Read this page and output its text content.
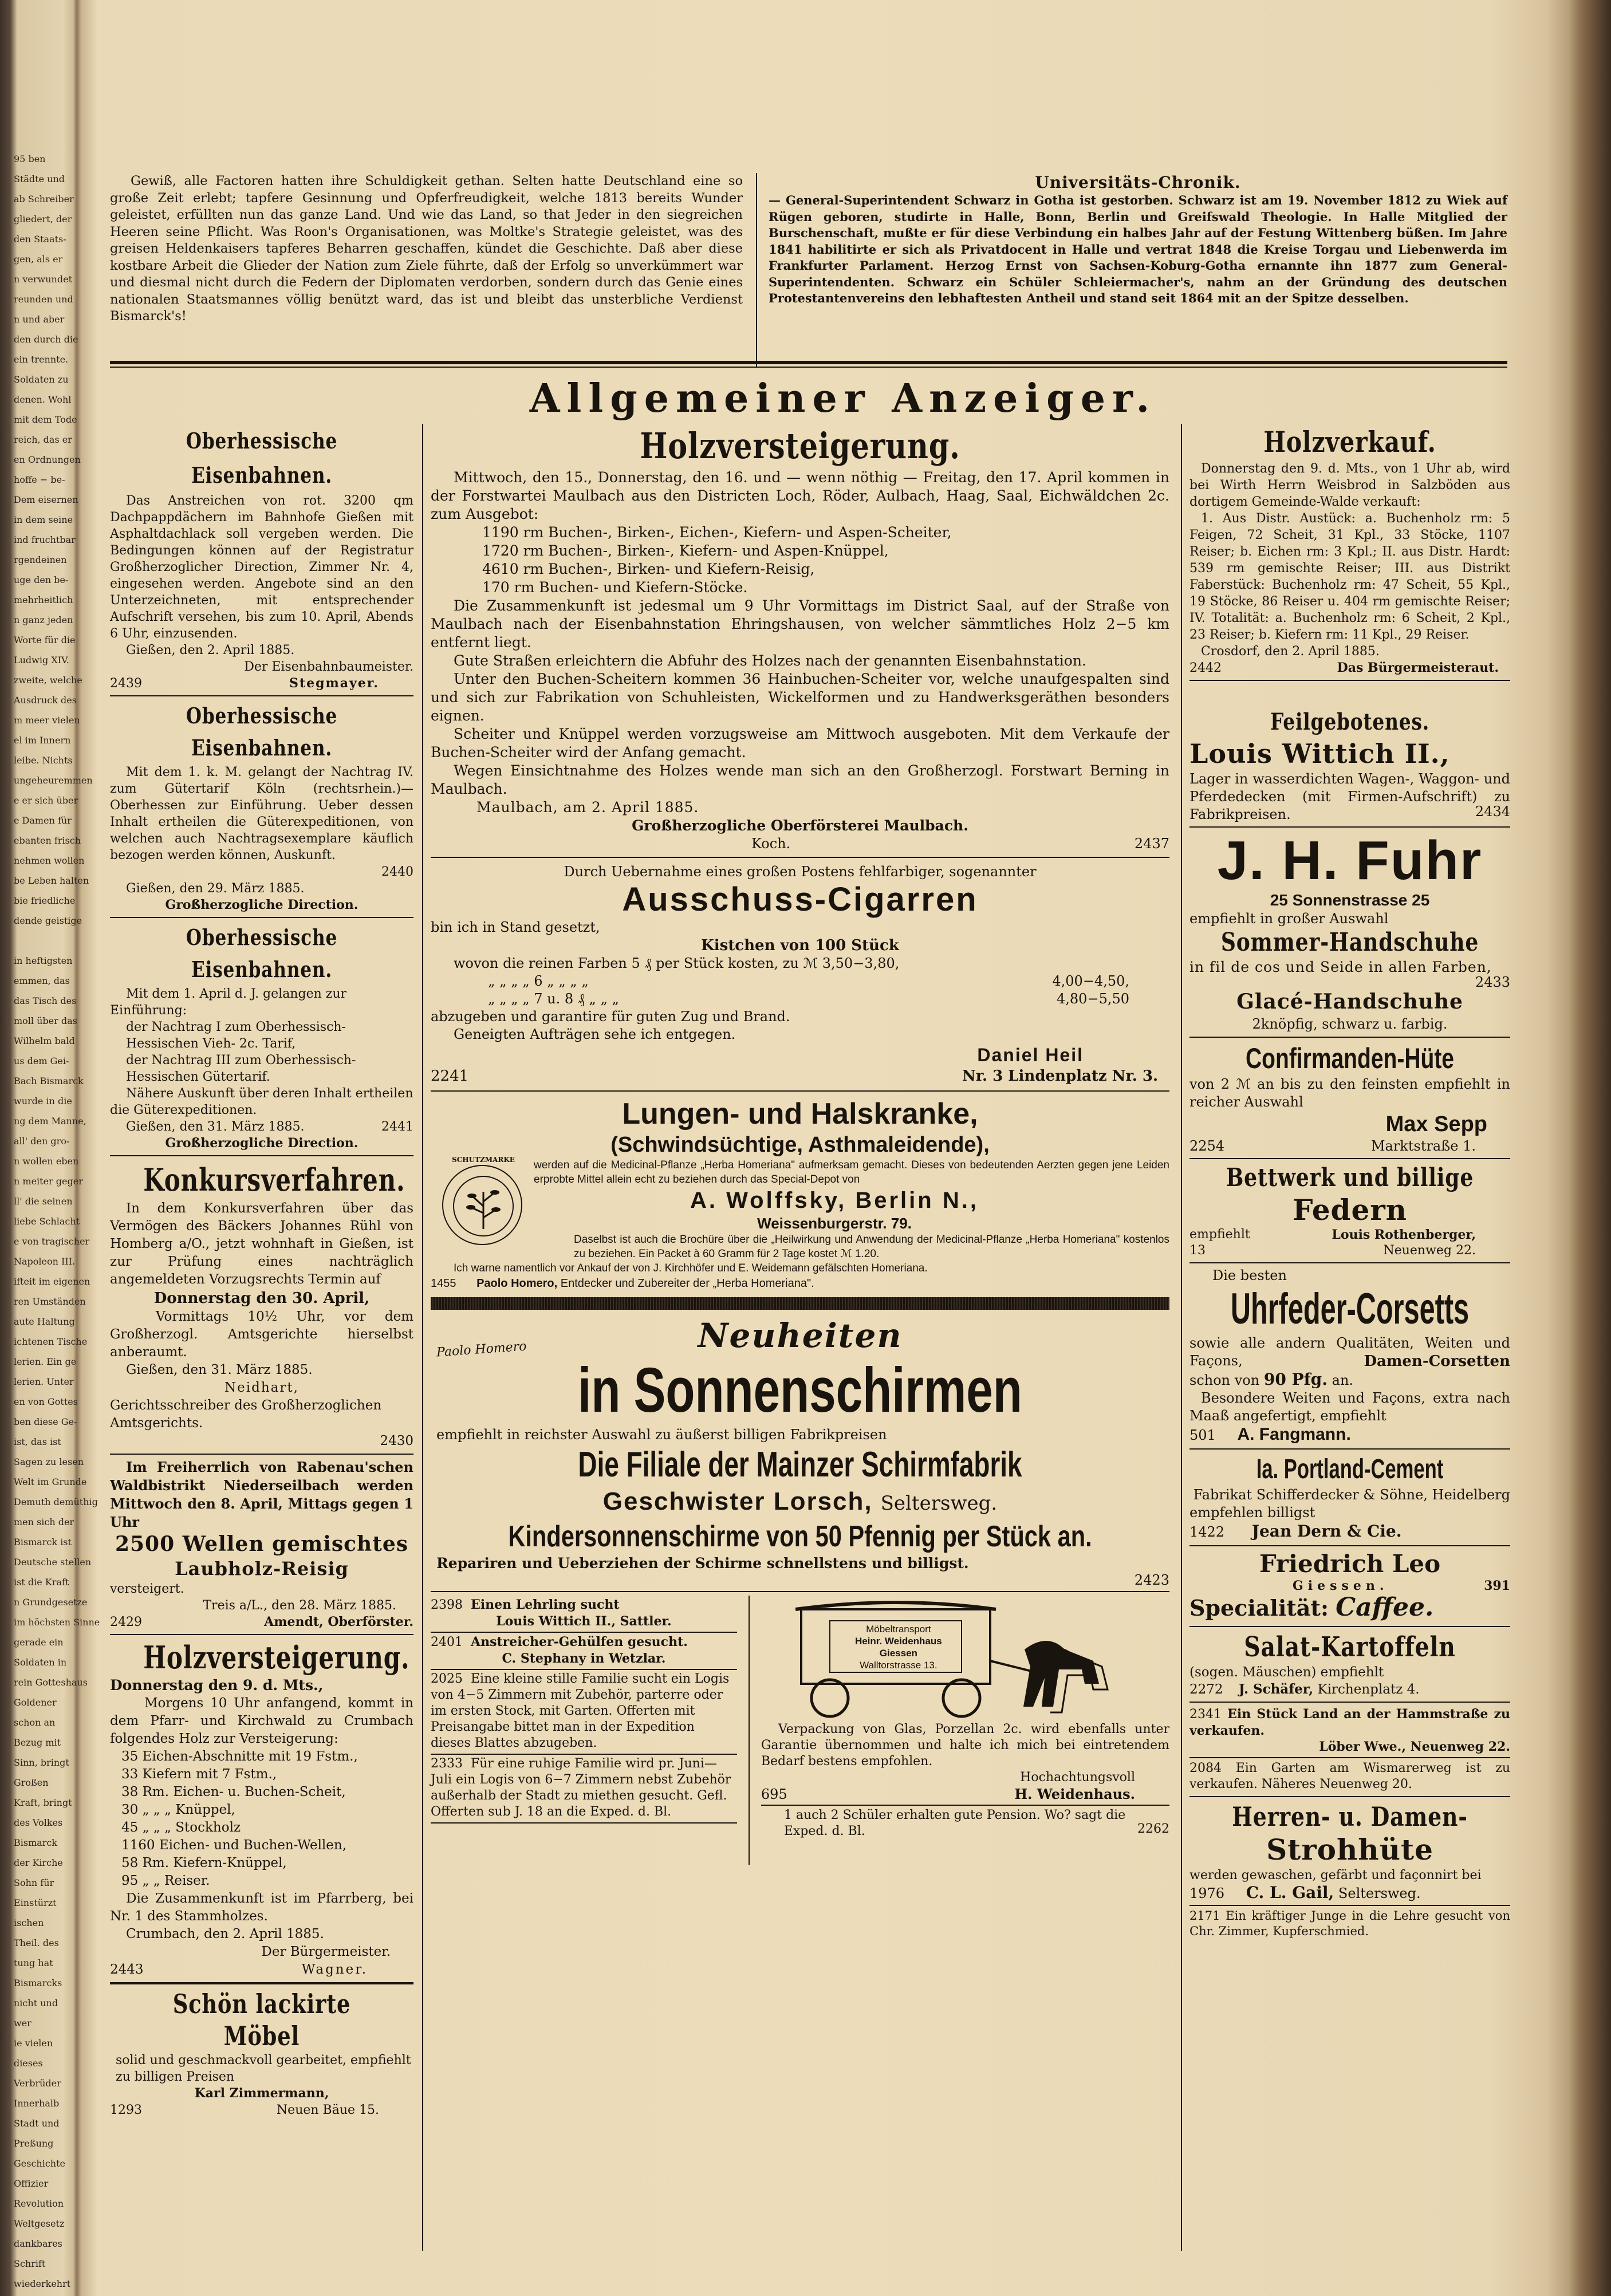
95 ben

Städte und

ab Schreiber

gliedert, der

den Staats-

gen, als er

n verwundet

reunden und

n und aber

den durch die

ein trennte.

Soldaten zu

denen. Wohl

mit dem Tode

reich, das er

en Ordnungen

hoffe − be-

Dem eisernen

in dem seine

ind fruchtbar

rgendeinen

uge den be-

mehrheitlich

n ganz jeden

Worte für die

Ludwig XIV.

zweite, welche

Ausdruck des

m meer vielen

el im Innern

leibe. Nichts

ungeheuremmen

e er sich über

e Damen für

ebanten frisch

nehmen wollen

be Leben halten

bie friedliche

dende geistige

in heftigsten

emmen, das

das Tisch des

moll über das

Wilhelm bald

us dem Gei-

Bach Bismarck

wurde in die

ng dem Manne,

all' den gro-

n wollen eben

n meiter geger

ll' die seinen

liebe Schlacht

e von tragischer

Napoleon III.

ifteit im eigenen

ren Umständen

aute Haltung

ichtenen Tische

lerien. Ein ge

lerien. Unter

en von Gottes

ben diese Ge-

ist, das ist

Sagen zu lesen

Welt im Grunde

Demuth demüthig

men sich der

Bismarck ist

Deutsche stellen

ist die Kraft

n Grundgesetze

im höchsten Sinne

gerade ein

Soldaten in

rein Gotteshaus

Goldener

schon an

Bezug mit

Sinn, bringt

Großen

Kraft, bringt

des Volkes

Bismarck

der Kirche

Sohn für

Einstürzt

ischen

Theil. des

tung hat

Bismarcks

nicht und

wer

ie vielen

dieses

Verbrüder

Innerhalb

Stadt und

Preßung

Geschichte

Offizier

Revolution

Weltgesetz

dankbares

Schrift

wiederkehrt

Gewiß, alle Factoren hatten ihre Schuldigkeit gethan. Selten hatte Deutschland eine so große Zeit erlebt; tapfere Gesinnung und Opferfreudigkeit, welche 1813 bereits Wunder geleistet, erfüllten nun das ganze Land. Und wie das Land, so that Jeder in den siegreichen Heeren seine Pflicht. Was Roon's Organisationen, was Moltke's Strategie geleistet, was des greisen Heldenkaisers tapferes Beharren geschaffen, kündet die Geschichte. Daß aber diese kostbare Arbeit die Glieder der Nation zum Ziele führte, daß der Erfolg so unverkümmert war und diesmal nicht durch die Federn der Diplomaten verdorben, sondern durch das Genie eines nationalen Staatsmannes völlig benützt ward, das ist und bleibt das unsterbliche Verdienst Bismarck's!
Universitäts-Chronik.
— General-Superintendent Schwarz in Gotha ist gestorben. Schwarz ist am 19. November 1812 zu Wiek auf Rügen geboren, studirte in Halle, Bonn, Berlin und Greifswald Theologie. In Halle Mitglied der Burschenschaft, mußte er für diese Verbindung ein halbes Jahr auf der Festung Wittenberg büßen. Im Jahre 1841 habilitirte er sich als Privatdocent in Halle und vertrat 1848 die Kreise Torgau und Liebenwerda im Frankfurter Parlament. Herzog Ernst von Sachsen-Koburg-Gotha ernannte ihn 1877 zum General-Superintendenten. Schwarz ein Schüler Schleiermacher's, nahm an der Gründung des deutschen Protestantenvereins den lebhaftesten Antheil und stand seit 1864 mit an der Spitze desselben.
Allgemeiner Anzeiger.
Oberhessische Eisenbahnen.
Das Anstreichen von rot. 3200 qm Dachpappdächern im Bahnhofe Gießen mit Asphaltdachlack soll vergeben werden. Die Bedingungen können auf der Registratur Großherzoglicher Direction, Zimmer Nr. 4, eingesehen werden. Angebote sind an den Unterzeichneten, mit entsprechender Aufschrift versehen, bis zum 10. April, Abends 6 Uhr, einzusenden.
Gießen, den 2. April 1885.
Der Eisenbahnbaumeister.
2439	Stegmayer.
Oberhessische Eisenbahnen.
Mit dem 1. k. M. gelangt der Nachtrag IV. zum Gütertarif Köln (rechtsrhein.)— Oberhessen zur Einführung. Ueber dessen Inhalt ertheilen die Güterexpeditionen, von welchen auch Nachtragsexemplare käuflich bezogen werden können, Auskunft.
2440
Gießen, den 29. März 1885.
Großherzogliche Direction.
Oberhessische Eisenbahnen.
Mit dem 1. April d. J. gelangen zur Einführung:
der Nachtrag I zum Oberhessisch-Hessischen Vieh- 2c. Tarif,
der Nachtrag III zum Oberhessisch-Hessischen Gütertarif.
Nähere Auskunft über deren Inhalt ertheilen die Güterexpeditionen.
Gießen, den 31. März 1885.	2441
Großherzogliche Direction.
Konkursverfahren.
In dem Konkursverfahren über das Vermögen des Bäckers Johannes Rühl von Homberg a/O., jetzt wohnhaft in Gießen, ist zur Prüfung eines nachträglich angemeldeten Vorzugsrechts Termin auf
Donnerstag den 30. April,
Vormittags 10½ Uhr, vor dem Großherzogl. Amtsgerichte hierselbst anberaumt.
Gießen, den 31. März 1885.
Neidhart,
Gerichtsschreiber des Großherzoglichen Amtsgerichts.
2430
Im Freiherrlich von Rabenau'schen Waldbistrikt Niederseilbach werden Mittwoch den 8. April, Mittags gegen 1 Uhr
2500 Wellen gemischtes
Laubholz-Reisig
versteigert.
Treis a/L., den 28. März 1885.
2429	Amendt, Oberförster.
Holzversteigerung.
Donnerstag den 9. d. Mts.,
Morgens 10 Uhr anfangend, kommt in dem Pfarr- und Kirchwald zu Crumbach folgendes Holz zur Versteigerung:
35 Eichen-Abschnitte mit 19 Fstm.,
33 Kiefern mit 7 Fstm.,
38 Rm. Eichen- u. Buchen-Scheit,
30 „ „ „ Knüppel,
45 „ „ „ Stockholz
1160 Eichen- und Buchen-Wellen,
58 Rm. Kiefern-Knüppel,
95 „ „ Reiser.
Die Zusammenkunft ist im Pfarrberg, bei Nr. 1 des Stammholzes.
Crumbach, den 2. April 1885.
Der Bürgermeister.
2443	Wagner.
Schön lackirte Möbel
solid und geschmackvoll gearbeitet, empfiehlt zu billigen Preisen
Karl Zimmermann,
1293	Neuen Bäue 15.
Holzversteigerung.
Mittwoch, den 15., Donnerstag, den 16. und — wenn nöthig — Freitag, den 17. April kommen in der Forstwartei Maulbach aus den Districten Loch, Röder, Aulbach, Haag, Saal, Eichwäldchen 2c. zum Ausgebot:
1190 rm Buchen-, Birken-, Eichen-, Kiefern- und Aspen-Scheiter,
1720 rm Buchen-, Birken-, Kiefern- und Aspen-Knüppel,
4610 rm Buchen-, Birken- und Kiefern-Reisig,
170 rm Buchen- und Kiefern-Stöcke.
Die Zusammenkunft ist jedesmal um 9 Uhr Vormittags im District Saal, auf der Straße von Maulbach nach der Eisenbahnstation Ehringshausen, von welcher sämmtliches Holz 2−5 km entfernt liegt.
Gute Straßen erleichtern die Abfuhr des Holzes nach der genannten Eisenbahnstation.
Unter den Buchen-Scheitern kommen 36 Hainbuchen-Scheiter vor, welche unaufgespalten sind und sich zur Fabrikation von Schuhleisten, Wickelformen und zu Handwerksgeräthen besonders eignen.
Scheiter und Knüppel werden vorzugsweise am Mittwoch ausgeboten. Mit dem Verkaufe der Buchen-Scheiter wird der Anfang gemacht.
Wegen Einsichtnahme des Holzes wende man sich an den Großherzogl. Forstwart Berning in Maulbach.
Maulbach, am 2. April 1885.
Großherzogliche Oberförsterei Maulbach.
Koch.	2437
Durch Uebernahme eines großen Postens fehlfarbiger, sogenannter
Ausschuss-Cigarren
bin ich in Stand gesetzt,
Kistchen von 100 Stück
wovon die reinen Farben 5 ₰ per Stück kosten, zu ℳ 3,50−3,80,
„ „ „ „ 6 „ „ „ „	4,00−4,50,
„ „ „ „ 7 u. 8 ₰ „ „ „	4,80−5,50
abzugeben und garantire für guten Zug und Brand.
Geneigten Aufträgen sehe ich entgegen.
Daniel Heil
2241	Nr. 3 Lindenplatz Nr. 3.
Lungen- und Halskranke,
(Schwindsüchtige, Asthmaleidende),
SCHUTZMARKE	werden auf die Medicinal-Pflanze „Herba Homeriana" aufmerksam gemacht. Dieses von bedeutenden Aerzten gegen jene Leiden erprobte Mittel allein echt zu beziehen durch das Special-Depot von
A. Wolffsky, Berlin N.,
Weissenburgerstr. 79.
Daselbst ist auch die Brochüre über die „Heilwirkung und Anwendung der Medicinal-Pflanze „Herba Homeriana" kostenlos zu beziehen. Ein Packet à 60 Gramm für 2 Tage kostet ℳ 1.20.
Paolo Homero
Ich warne namentlich vor Ankauf der von J. Kirchhöfer und E. Weidemann gefälschten Homeriana.
1455 Paolo Homero, Entdecker und Zubereiter der „Herba Homeriana".
Neuheiten
in Sonnenschirmen
empfiehlt in reichster Auswahl zu äußerst billigen Fabrikpreisen
Die Filiale der Mainzer Schirmfabrik
Geschwister Lorsch, Seltersweg.
Kindersonnenschirme von 50 Pfennig per Stück an.
Repariren und Ueberziehen der Schirme schnellstens und billigst.
2423
2398 Einen Lehrling sucht
Louis Wittich II., Sattler.
2401 Anstreicher-Gehülfen gesucht.
C. Stephany in Wetzlar.
2025 Eine kleine stille Familie sucht ein Logis von 4−5 Zimmern mit Zubehör, parterre oder im ersten Stock, mit Garten. Offerten mit Preisangabe bittet man in der Expedition dieses Blattes abzugeben.
2333 Für eine ruhige Familie wird pr. Juni—Juli ein Logis von 6−7 Zimmern nebst Zubehör außerhalb der Stadt zu miethen gesucht. Gefl. Offerten sub J. 18 an die Exped. d. Bl.
Möbeltransport
Heinr. Weidenhaus
Giessen
Walltorstrasse 13.
Verpackung von Glas, Porzellan 2c. wird ebenfalls unter Garantie übernommen und halte ich mich bei eintretendem Bedarf bestens empfohlen.
Hochachtungsvoll
695	H. Weidenhaus.
1 auch 2 Schüler erhalten gute Pension. Wo? sagt die Exped. d. Bl.	2262
Holzverkauf.
Donnerstag den 9. d. Mts., von 1 Uhr ab, wird bei Wirth Herrn Weisbrod in Salzböden aus dortigem Gemeinde-Walde verkauft:
1. Aus Distr. Austück: a. Buchenholz rm: 5 Feigen, 72 Scheit, 31 Kpl., 33 Stöcke, 1107 Reiser; b. Eichen rm: 3 Kpl.; II. aus Distr. Hardt: 539 rm gemischte Reiser; III. aus Distrikt Faberstück: Buchenholz rm: 47 Scheit, 55 Kpl., 19 Stöcke, 86 Reiser u. 404 rm gemischte Reiser; IV. Totalität: a. Buchenholz rm: 6 Scheit, 2 Kpl., 23 Reiser; b. Kiefern rm: 11 Kpl., 29 Reiser.
Crosdorf, den 2. April 1885.
2442	Das Bürgermeisteraut.
Feilgebotenes.
Louis Wittich II.,
Lager in wasserdichten Wagen-, Waggon- und Pferdedecken (mit Firmen-Aufschrift) zu Fabrikpreisen.	2434
J. H. Fuhr
25 Sonnenstrasse 25
empfiehlt in großer Auswahl
Sommer-Handschuhe
in fil de cos und Seide in allen Farben,
2433
Glacé-Handschuhe
2knöpfig, schwarz u. farbig.
Confirmanden-Hüte
von 2 ℳ an bis zu den feinsten empfiehlt in reicher Auswahl
Max Sepp
2254	Marktstraße 1.
Bettwerk und billige
Federn
empfiehlt	Louis Rothenberger,
13	Neuenweg 22.
Die besten
Uhrfeder-Corsetts
sowie alle andern Qualitäten, Weiten und Façons,	Damen-Corsetten
schon von 90 Pfg. an.
Besondere Weiten und Façons, extra nach Maaß angefertigt, empfiehlt
501 A. Fangmann.
Ia. Portland-Cement
Fabrikat Schifferdecker & Söhne, Heidelberg
empfehlen billigst
1422 Jean Dern & Cie.
Friedrich Leo
Giessen.	391
Specialität: Caffee.
Salat-Kartoffeln
(sogen. Mäuschen) empfiehlt
2272 J. Schäfer, Kirchenplatz 4.
2341 Ein Stück Land an der Hammstraße zu verkaufen.
Löber Wwe., Neuenweg 22.
2084 Ein Garten am Wismarerweg ist zu verkaufen. Näheres Neuenweg 20.
Herren- u. Damen-
Strohhüte
werden gewaschen, gefärbt und façonnirt bei
1976 C. L. Gail, Seltersweg.
2171 Ein kräftiger Junge in die Lehre gesucht von Chr. Zimmer, Kupferschmied.
